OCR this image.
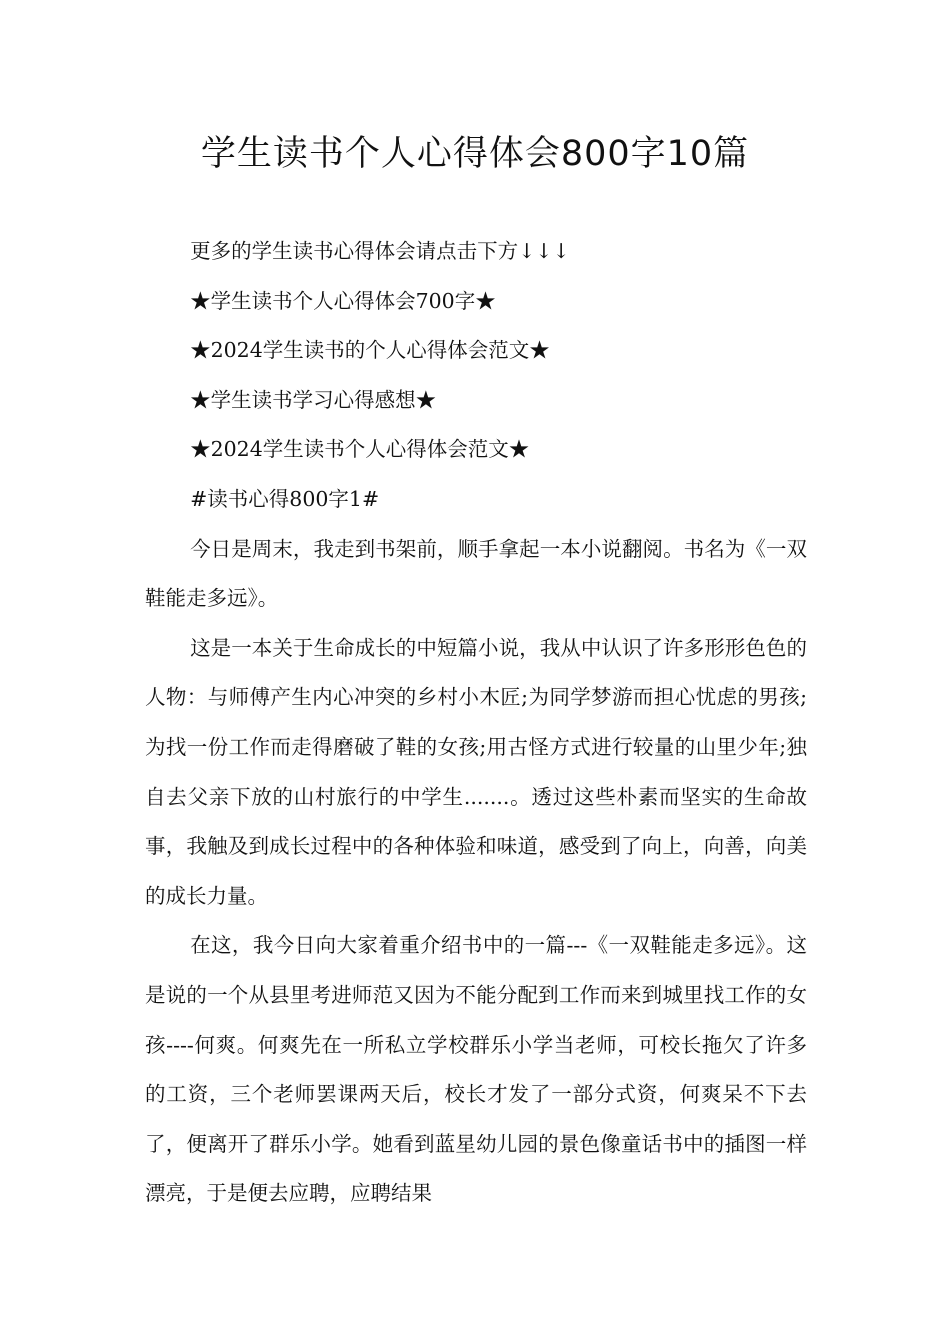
学生读书个人心得体会800字10篇

更多的学生读书心得体会请点击下方↓↓↓

★学生读书个人心得体会700字★

★2024学生读书的个人心得体会范文★

★学生读书学习心得感想★

★2024学生读书个人心得体会范文★

#读书心得800字1#

今日是周末，我走到书架前，顺手拿起一本小说翻阅。书名为《一双鞋能走多远》。

这是一本关于生命成长的中短篇小说，我从中认识了许多形形色色的人物：与师傅产生内心冲突的乡村小木匠;为同学梦游而担心忧虑的男孩;为找一份工作而走得磨破了鞋的女孩;用古怪方式进行较量的山里少年;独自去父亲下放的山村旅行的中学生.......。透过这些朴素而坚实的生命故事，我触及到成长过程中的各种体验和味道，感受到了向上，向善，向美的成长力量。

在这，我今日向大家着重介绍书中的一篇---《一双鞋能走多远》。这是说的一个从县里考进师范又因为不能分配到工作而来到城里找工作的女孩----何爽。何爽先在一所私立学校群乐小学当老师，可校长拖欠了许多的工资，三个老师罢课两天后，校长才发了一部分式资，何爽呆不下去了，便离开了群乐小学。她看到蓝星幼儿园的景色像童话书中的插图一样漂亮，于是便去应聘，应聘结果
